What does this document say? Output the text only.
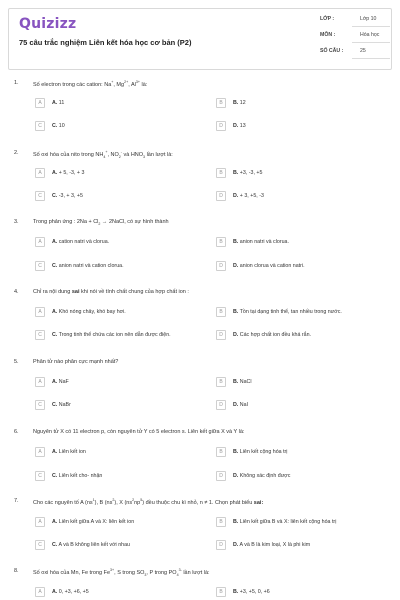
Quizizz
75 câu trắc nghiệm Liên kết hóa học cơ bản (P2)
LỚP :	Lớp 10
MÔN :	Hóa học
SỐ CÂU :	25
1.	Số electron trong các cation: Na+, $Mg^{2+}$, $Al^{3+}$ là:
A	A. 11	B	B. 12
C	C. 10	D	D. 13
2.	Số oxi hóa của nito trong $NH_4^+$, $NO_2^-$ và $HNO_3$ lần lượt là:
A	A. + 5, -3, + 3	B	B. +3, -3, +5
C	C. -3, + 3, +5	D	D. + 3, +5, -3
3.	Trong phản ứng : $2Na + Cl_2$ → 2NaCl, có sự hình thành
A	A. cation natri và clorua.	B	B. anion natri và clorua.
C	C. anion natri và cation clorua.	D	D. anion clorua và cation natri.
4.	Chỉ ra nội dung sai khi nói về tính chất chung của hợp chất ion :
A	A. Khó nóng chảy, khó bay hơi.	B	B. Tồn tại dạng tinh thể, tan nhiều trong nước.
C	C. Trong tinh thể chứa các ion nên dẫn được điện.	D	D. Các hợp chất ion đều khá rắn.
5.	Phân tử nào phân cực mạnh nhất?
A	A. NaF	B	B. NaCl
C	C. NaBr	D	D. NaI
6.	Nguyên tử X có 11 electron p, còn nguyên tử Y có 5 electron s. Liên kết giữa X và Y là:
A	A. Liên kết ion	B	B. Liên kết cộng hóa trị
C	C. Liên kết cho- nhận	D	D. Không xác định được
7.	Cho các nguyên tố A $(ns^1)$, B $(ns^2)$, X $(ns^2np^5)$ đều thuộc chu kì nhỏ, n ≠ 1. Chọn phát biểu sai:
A	A. Liên kết giữa A và X: liên kết ion	B	B. Liên kết giữa B và X: liên kết cộng hóa trị
C	C. A và B không liên kết với nhau	D	D. A và B là kim loại, X là phi kim
8.	Số oxi hóa của Mn, Fe trong $Fe^{3+}$, S trong $SO_3$, P trong $PO_4^{3-}$ lần lượt là:
A	A. 0, +3, +6, +5	B	B. +3, +5, 0, +6
